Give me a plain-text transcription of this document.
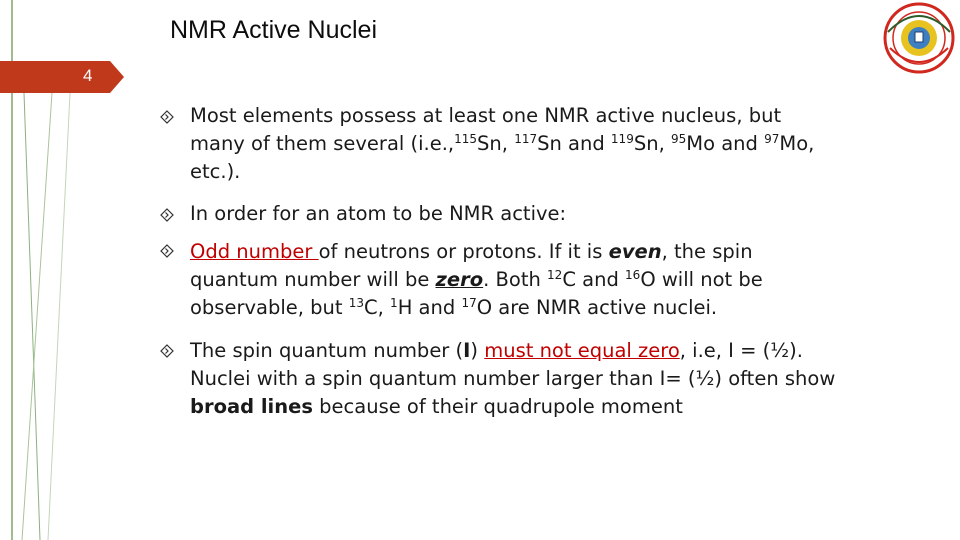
4
NMR Active Nuclei
Most elements possess at least one NMR active nucleus, but
many of them several (i.e.,$^{115}$Sn, $^{117}$Sn and $^{119}$Sn, $^{95}$Mo and $^{97}$Mo,
etc.).
In order for an atom to be NMR active:
Odd number of neutrons or protons. If it is even, the spin
quantum number will be zero. Both $^{12}$C and $^{16}$O will not be
observable, but $^{13}$C, $^1$H and $^{17}$O are NMR active nuclei.
The spin quantum number (I) must not equal zero, i.e, I = (½).
Nuclei with a spin quantum number larger than I= (½) often show
broad lines because of their quadrupole moment
